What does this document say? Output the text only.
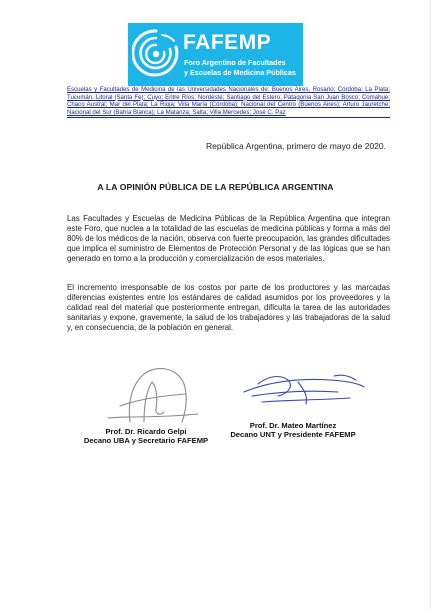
FAFEMP
Foro Argentino de Facultades
y Escuelas de Medicina Públicas
Escuelas y Facultades de Medicina de las Universidades Nacionales de: Buenos Aires, Rosario; Córdoba; La Plata; Tucumán, Litoral (Santa Fe); Cuyo; Entre Ríos; Nordeste; Santiago del Estero; Patagonia San Juan Bosco; Comahue; Chaco Austral; Mar del Plata; La Rioja; Villa María (Córdoba); Nacional del Centro (Buenos Aires); Arturo Jauretche; Nacional del Sur (Bahía Blanca); La Matanza; Salta; Villa Mercedes; José C. Paz
República Argentina, primero de mayo de 2020.
A LA OPINIÓN PÚBLICA DE LA REPÚBLICA ARGENTINA

Las Facultades y Escuelas de Medicina Públicas de la República Argentina que integran este Foro, que nuclea a la totalidad de las escuelas de medicina públicas y forma a más del 80% de los médicos de la nación, observa con fuerte preocupación, las grandes dificultades que implica el suministro de Elementos de Protección Personal y de las lógicas que se han generado en torno a la producción y comercialización de esos materiales.

El incremento irresponsable de los costos por parte de los productores y las marcadas diferencias existentes entre los estándares de calidad asumidos por los proveedores y la calidad real del material que posteriormente entregan, dificulta la tarea de las autoridades sanitarias y expone, gravemente, la salud de los trabajadores y las trabajadoras de la salud y, en consecuencia, de la población en general.

Prof. Dr. Ricardo Gelpi
Decano UBA y Secretario FAFEMP
Prof. Dr. Mateo Martínez
Decano UNT y Presidente FAFEMP
